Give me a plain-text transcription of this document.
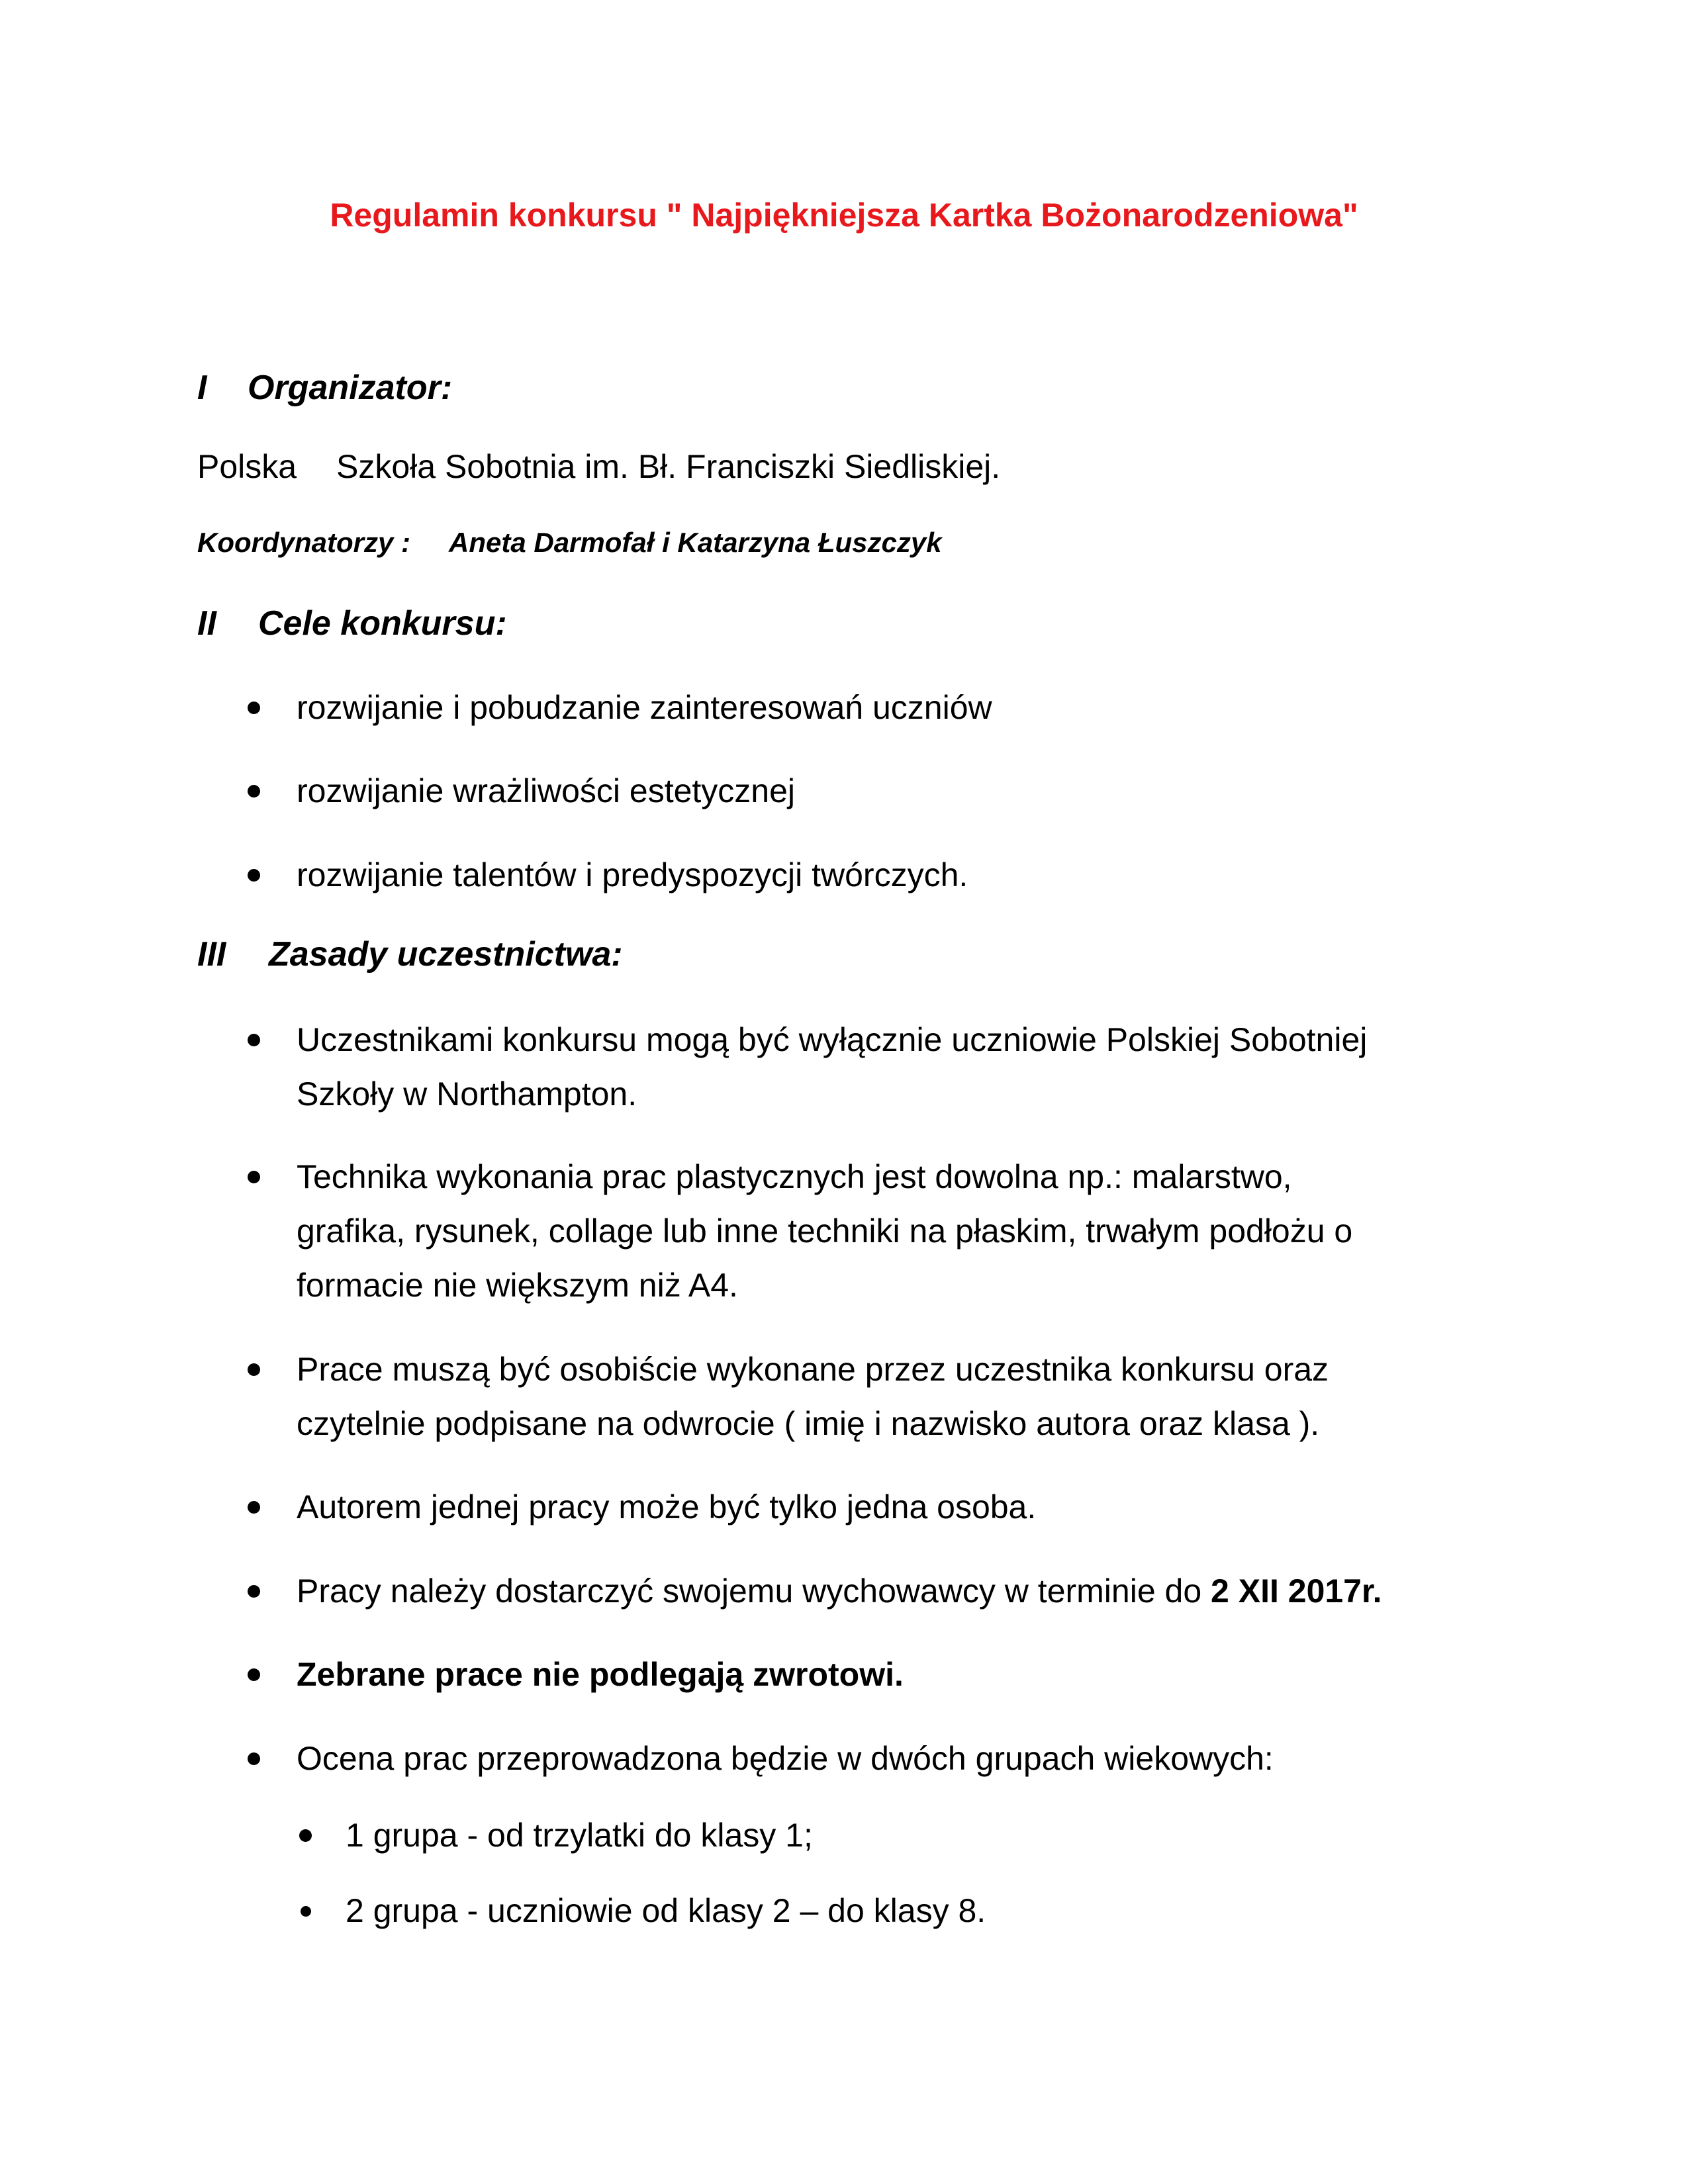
Regulamin konkursu " Najpiękniejsza Kartka Bożonarodzeniowa"
I Organizator:
Polska Szkoła Sobotnia im. Bł. Franciszki Siedliskiej.
Koordynatorzy : Aneta Darmofał i Katarzyna Łuszczyk
II Cele konkursu:
rozwijanie i pobudzanie zainteresowań uczniów
rozwijanie wrażliwości estetycznej
rozwijanie talentów i predyspozycji twórczych.
III Zasady uczestnictwa:
Uczestnikami konkursu mogą być wyłącznie uczniowie Polskiej Sobotniej
Szkoły w Northampton.
Technika wykonania prac plastycznych jest dowolna np.: malarstwo,
grafika, rysunek, collage lub inne techniki na płaskim, trwałym podłożu o
formacie nie większym niż A4.
Prace muszą być osobiście wykonane przez uczestnika konkursu oraz
czytelnie podpisane na odwrocie ( imię i nazwisko autora oraz klasa ).
Autorem jednej pracy może być tylko jedna osoba.
Pracy należy dostarczyć swojemu wychowawcy w terminie do 2 XII 2017r.
Zebrane prace nie podlegają zwrotowi.
Ocena prac przeprowadzona będzie w dwóch grupach wiekowych:
1 grupa - od trzylatki do klasy 1;
2 grupa - uczniowie od klasy 2 – do klasy 8.
